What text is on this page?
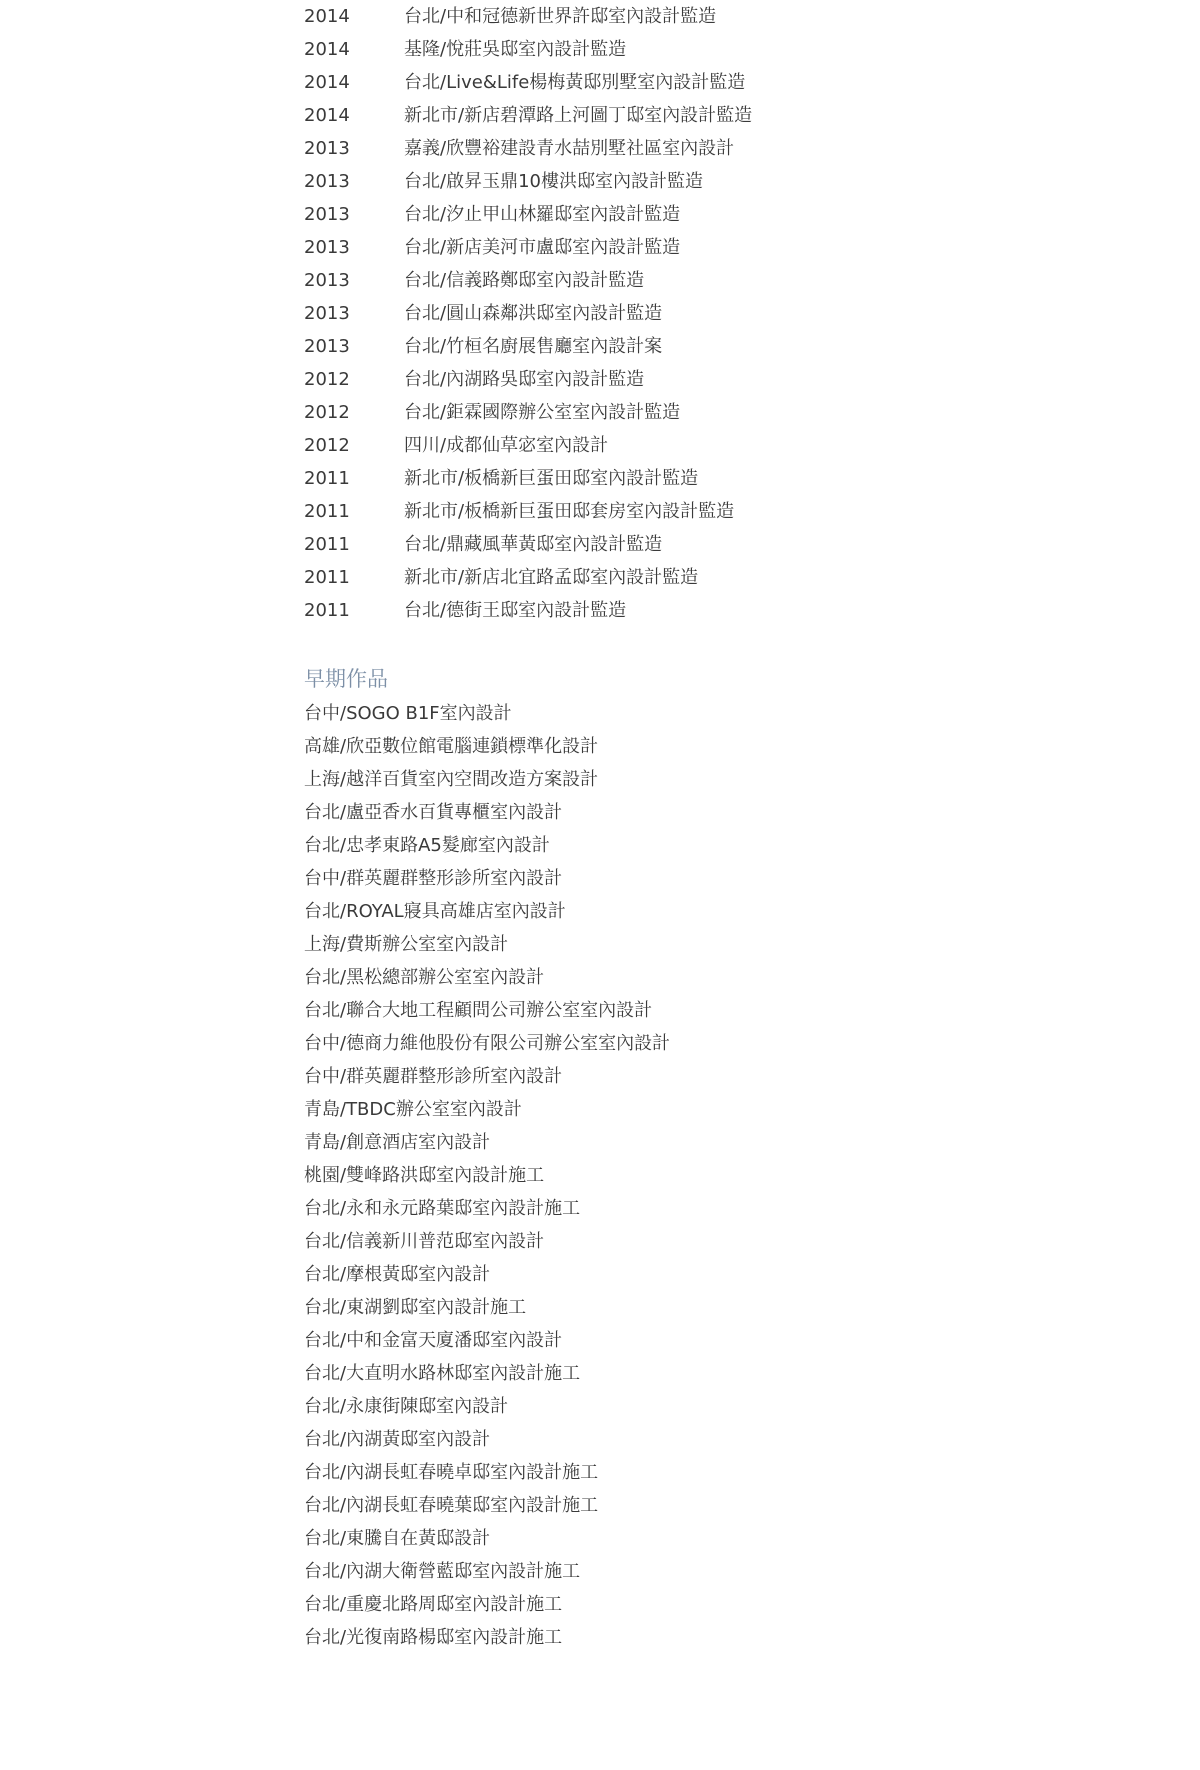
2014	台北/中和冠德新世界許邸室內設計監造
2014	基隆/悅莊吳邸室內設計監造
2014	台北/Live&Life楊梅黃邸別墅室內設計監造
2014	新北市/新店碧潭路上河圖丁邸室內設計監造
2013	嘉義/欣豐裕建設青水喆別墅社區室內設計
2013	台北/啟昇玉鼎10樓洪邸室內設計監造
2013	台北/汐止甲山林羅邸室內設計監造
2013	台北/新店美河市盧邸室內設計監造
2013	台北/信義路鄭邸室內設計監造
2013	台北/圓山森鄰洪邸室內設計監造
2013	台北/竹桓名廚展售廳室內設計案
2012	台北/內湖路吳邸室內設計監造
2012	台北/鉅霖國際辦公室室內設計監造
2012	四川/成都仙草宓室內設計
2011	新北市/板橋新巨蛋田邸室內設計監造
2011	新北市/板橋新巨蛋田邸套房室內設計監造
2011	台北/鼎藏風華黃邸室內設計監造
2011	新北市/新店北宜路孟邸室內設計監造
2011	台北/德街王邸室內設計監造
早期作品
台中/SOGO B1F室內設計
高雄/欣亞數位館電腦連鎖標準化設計
上海/越洋百貨室內空間改造方案設計
台北/盧亞香水百貨專櫃室內設計
台北/忠孝東路A5髮廊室內設計
台中/群英麗群整形診所室內設計
台北/ROYAL寢具高雄店室內設計
上海/費斯辦公室室內設計
台北/黑松總部辦公室室內設計
台北/聯合大地工程顧問公司辦公室室內設計
台中/德商力維他股份有限公司辦公室室內設計
台中/群英麗群整形診所室內設計
青島/TBDC辦公室室內設計
青島/創意酒店室內設計
桃園/雙峰路洪邸室內設計施工
台北/永和永元路葉邸室內設計施工
台北/信義新川普范邸室內設計
台北/摩根黃邸室內設計
台北/東湖劉邸室內設計施工
台北/中和金富天廈潘邸室內設計
台北/大直明水路林邸室內設計施工
台北/永康街陳邸室內設計
台北/內湖黃邸室內設計
台北/內湖長虹春曉卓邸室內設計施工
台北/內湖長虹春曉葉邸室內設計施工
台北/東騰自在黃邸設計
台北/內湖大衛營藍邸室內設計施工
台北/重慶北路周邸室內設計施工
台北/光復南路楊邸室內設計施工
